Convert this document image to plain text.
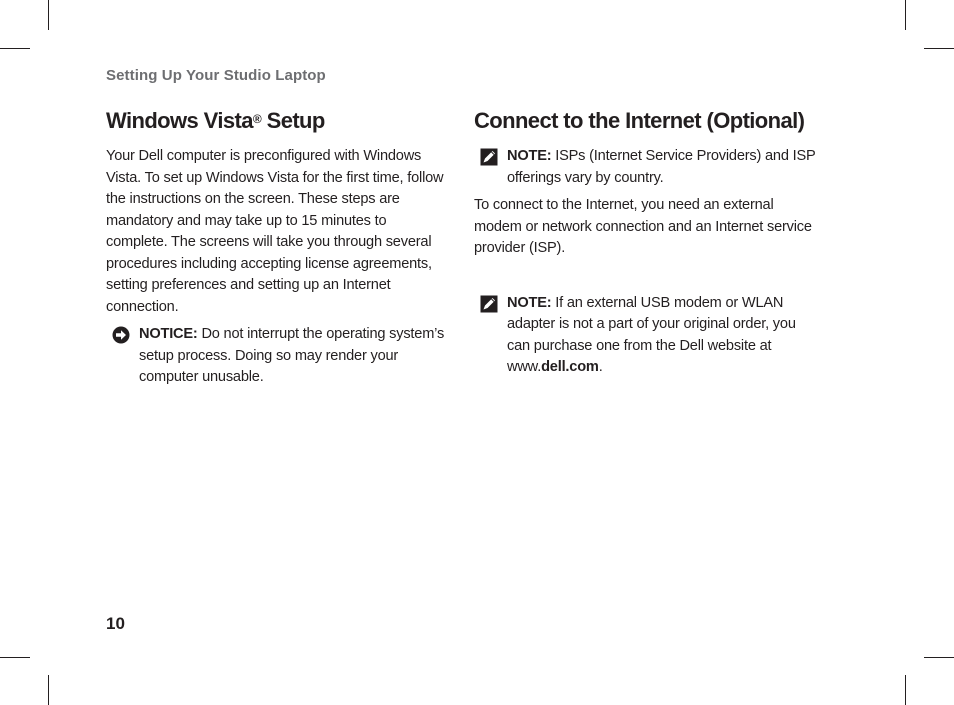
Setting Up Your Studio Laptop
Windows Vista® Setup

Your Dell computer is preconfigured with Windows Vista. To set up Windows Vista for the first time, follow the instructions on the screen. These steps are mandatory and may take up to 15 minutes to complete. The screens will take you through several procedures including accepting license agreements, setting preferences and setting up an Internet connection.

NOTICE: Do not interrupt the operating system’s setup process. Doing so may render your computer unusable.
Connect to the Internet (Optional)
NOTE: ISPs (Internet Service Providers) and ISP offerings vary by country.

To connect to the Internet, you need an external modem or network connection and an Internet service provider (ISP).

NOTE: If an external USB modem or WLAN adapter is not a part of your original order, you can purchase one from the Dell website at www.dell.com.
10
